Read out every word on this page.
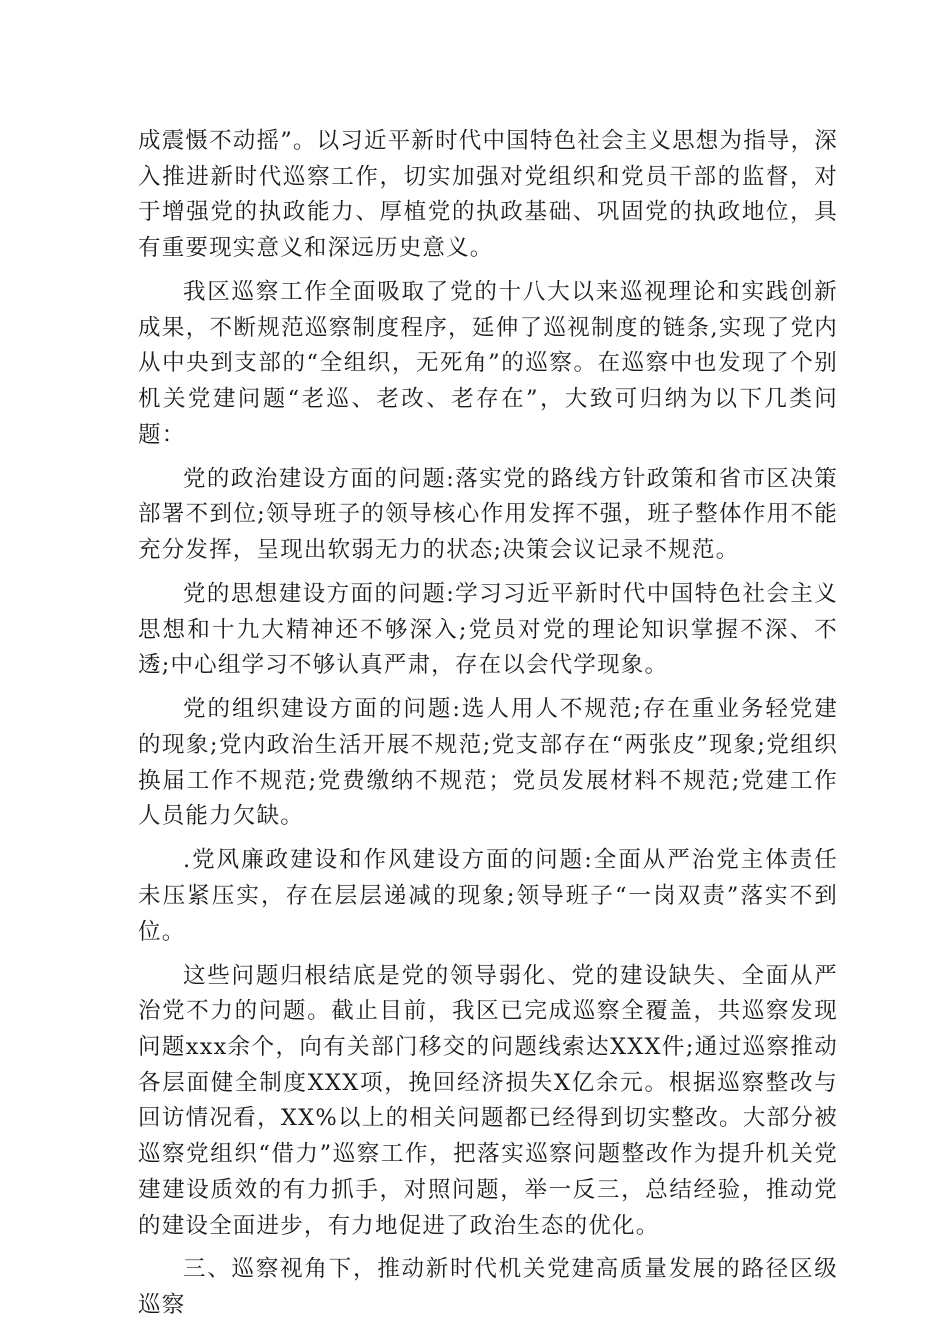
成震慑不动摇”。以习近平新时代中国特色社会主义思想为指导，深入推进新时代巡察工作，切实加强对党组织和党员干部的监督，对于增强党的执政能力、厚植党的执政基础、巩固党的执政地位，具有重要现实意义和深远历史意义。

我区巡察工作全面吸取了党的十八大以来巡视理论和实践创新成果，不断规范巡察制度程序，延伸了巡视制度的链条,实现了党内从中央到支部的“全组织，无死角”的巡察。在巡察中也发现了个别机关党建问题“老巡、老改、老存在”，大致可归纳为以下几类问题：

党的政治建设方面的问题:落实党的路线方针政策和省市区决策部署不到位;领导班子的领导核心作用发挥不强，班子整体作用不能充分发挥，呈现出软弱无力的状态;决策会议记录不规范。

党的思想建设方面的问题:学习习近平新时代中国特色社会主义思想和十九大精神还不够深入;党员对党的理论知识掌握不深、不透;中心组学习不够认真严肃，存在以会代学现象。

党的组织建设方面的问题:选人用人不规范;存在重业务轻党建的现象;党内政治生活开展不规范;党支部存在“两张皮”现象;党组织换届工作不规范;党费缴纳不规范；党员发展材料不规范;党建工作人员能力欠缺。

.党风廉政建设和作风建设方面的问题:全面从严治党主体责任未压紧压实，存在层层递减的现象;领导班子“一岗双责”落实不到位。

这些问题归根结底是党的领导弱化、党的建设缺失、全面从严治党不力的问题。截止目前，我区已完成巡察全覆盖，共巡察发现问题xxx余个，向有关部门移交的问题线索达XXX件;通过巡察推动各层面健全制度XXX项，挽回经济损失X亿余元。根据巡察整改与回访情况看，XX%以上的相关问题都已经得到切实整改。大部分被巡察党组织“借力”巡察工作，把落实巡察问题整改作为提升机关党建建设质效的有力抓手，对照问题，举一反三，总结经验，推动党的建设全面进步，有力地促进了政治生态的优化。

三、巡察视角下，推动新时代机关党建高质量发展的路径区级巡察
